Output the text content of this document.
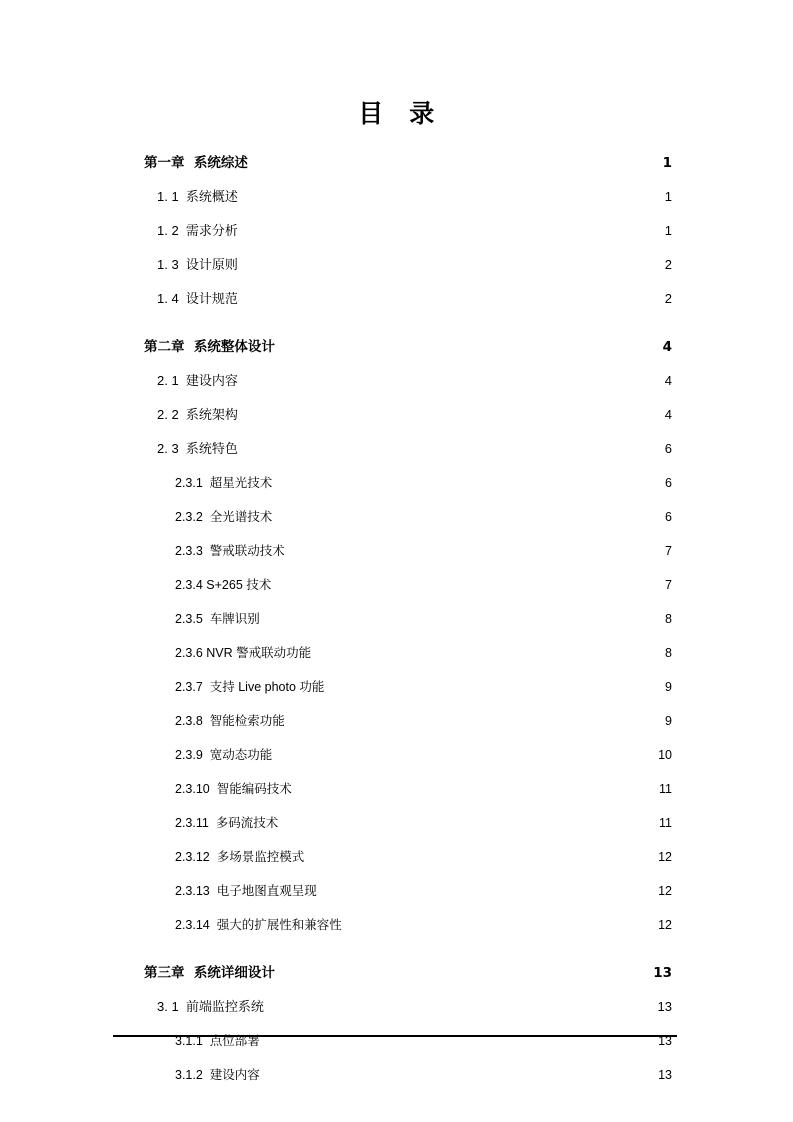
目　录
第一章  系统综述 .....	1
1. 1  系统概述 .....	1
1. 2  需求分析 .....	1
1. 3  设计原则 .....	2
1. 4  设计规范 .....	2
第二章  系统整体设计 .....	4
2. 1  建设内容 .....	4
2. 2  系统架构 .....	4
2. 3  系统特色 .....	6
2.3.1  超星光技术 .....	6
2.3.2  全光谱技术 .....	6
2.3.3  警戒联动技术 .....	7
2.3.4 S+265 技术 .....	7
2.3.5  车牌识别 .....	8
2.3.6 NVR 警戒联动功能 .....	8
2.3.7  支持 Live photo 功能 .....	9
2.3.8  智能检索功能 .....	9
2.3.9  宽动态功能 .....	10
2.3.10  智能编码技术 .....	11
2.3.11  多码流技术 .....	11
2.3.12  多场景监控模式 .....	12
2.3.13  电子地图直观呈现 .....	12
2.3.14  强大的扩展性和兼容性 .....	12
第三章  系统详细设计 .....	13
3. 1  前端监控系统 .....	13
3.1.1  点位部署 .....	13
3.1.2  建设内容 .....	13
